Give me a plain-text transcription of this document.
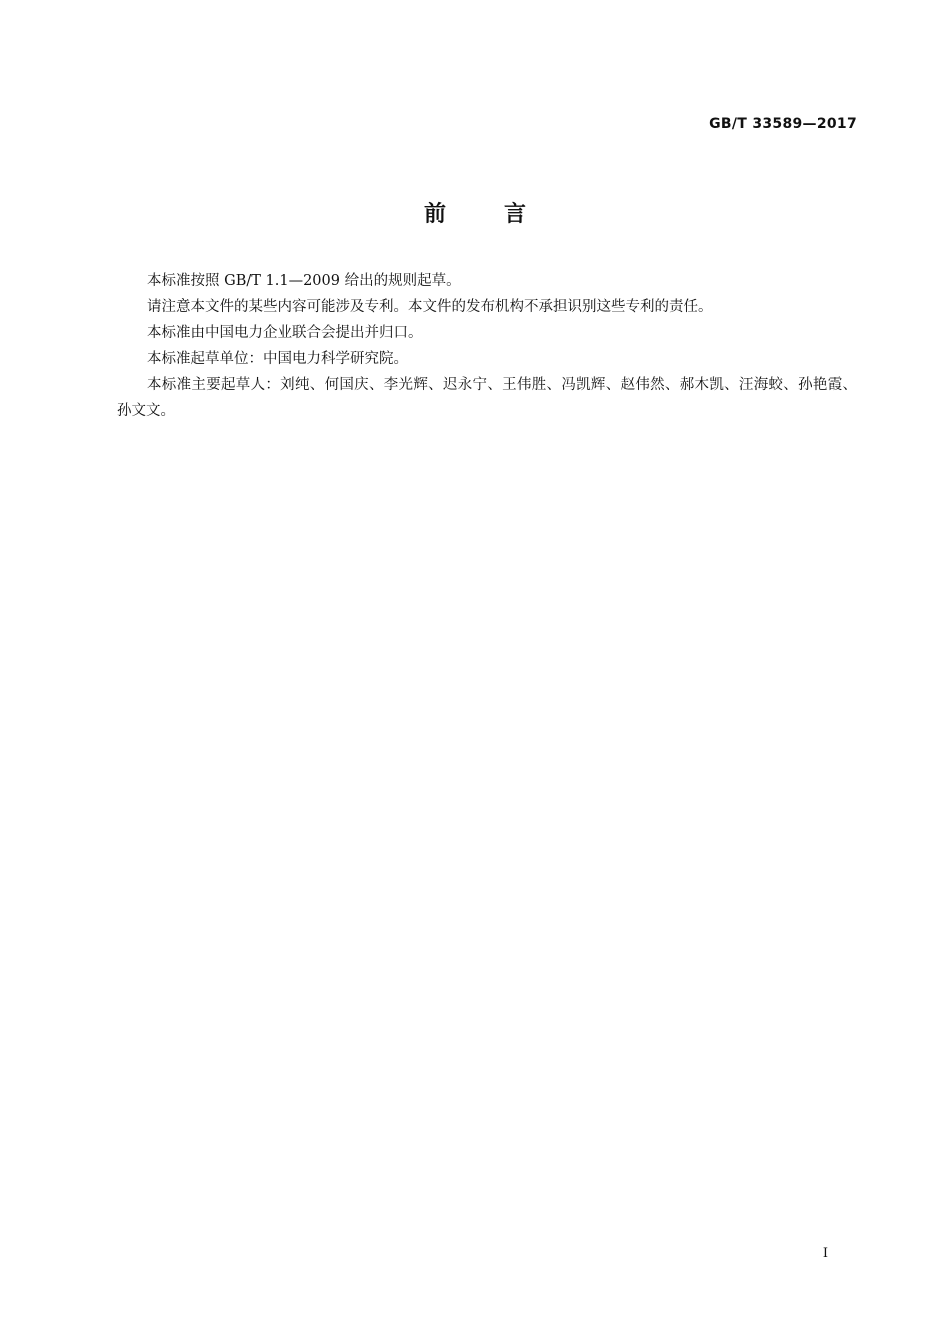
GB/T 33589—2017
前言

本标准按照 GB/T 1.1—2009 给出的规则起草。

请注意本文件的某些内容可能涉及专利。本文件的发布机构不承担识别这些专利的责任。

本标准由中国电力企业联合会提出并归口。

本标准起草单位：中国电力科学研究院。

本标准主要起草人：刘纯、何国庆、李光辉、迟永宁、王伟胜、冯凯辉、赵伟然、郝木凯、汪海蛟、孙艳霞、孙文文。

I
